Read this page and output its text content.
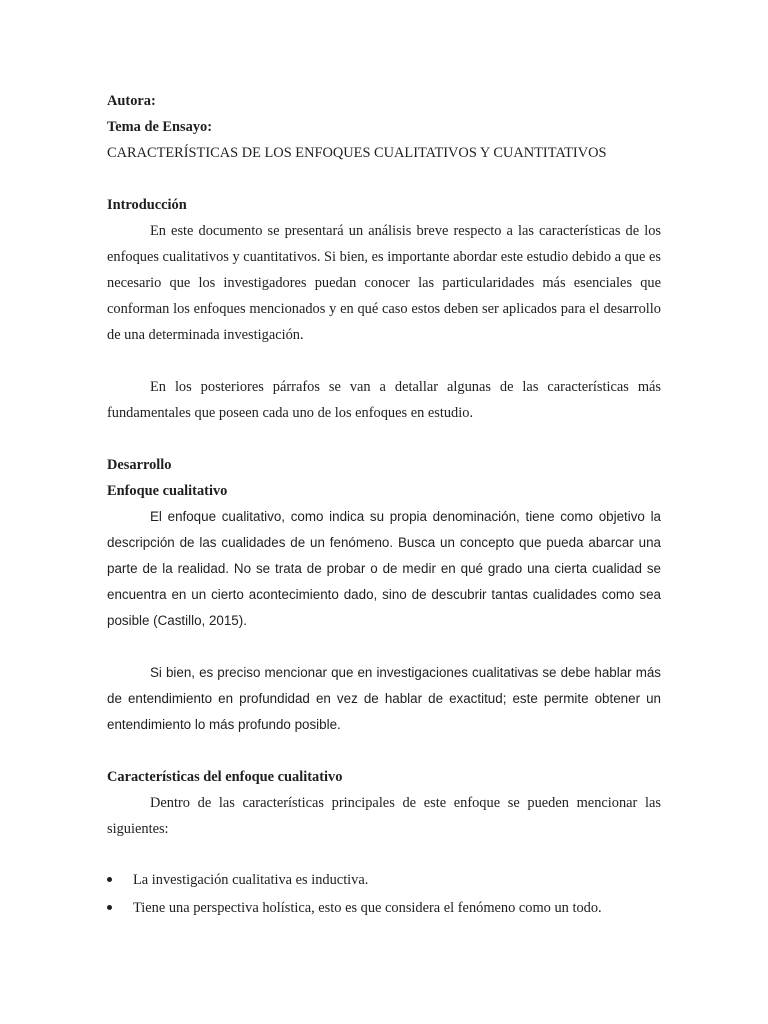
Autora:
Tema de Ensayo:
CARACTERÍSTICAS DE LOS ENFOQUES CUALITATIVOS Y CUANTITATIVOS
Introducción

En este documento se presentará un análisis breve respecto a las características de los enfoques cualitativos y cuantitativos. Si bien, es importante abordar este estudio debido a que es necesario que los investigadores puedan conocer las particularidades más esenciales que conforman los enfoques mencionados y en qué caso estos deben ser aplicados para el desarrollo de una determinada investigación.

En los posteriores párrafos se van a detallar algunas de las características más fundamentales que poseen cada uno de los enfoques en estudio.

Desarrollo
Enfoque cualitativo

El enfoque cualitativo, como indica su propia denominación, tiene como objetivo la descripción de las cualidades de un fenómeno. Busca un concepto que pueda abarcar una parte de la realidad. No se trata de probar o de medir en qué grado una cierta cualidad se encuentra en un cierto acontecimiento dado, sino de descubrir tantas cualidades como sea posible (Castillo, 2015).

Si bien, es preciso mencionar que en investigaciones cualitativas se debe hablar más de entendimiento en profundidad en vez de hablar de exactitud; este permite obtener un entendimiento lo más profundo posible.

Características del enfoque cualitativo

Dentro de las características principales de este enfoque se pueden mencionar las siguientes:

La investigación cualitativa es inductiva.
Tiene una perspectiva holística, esto es que considera el fenómeno como un todo.
